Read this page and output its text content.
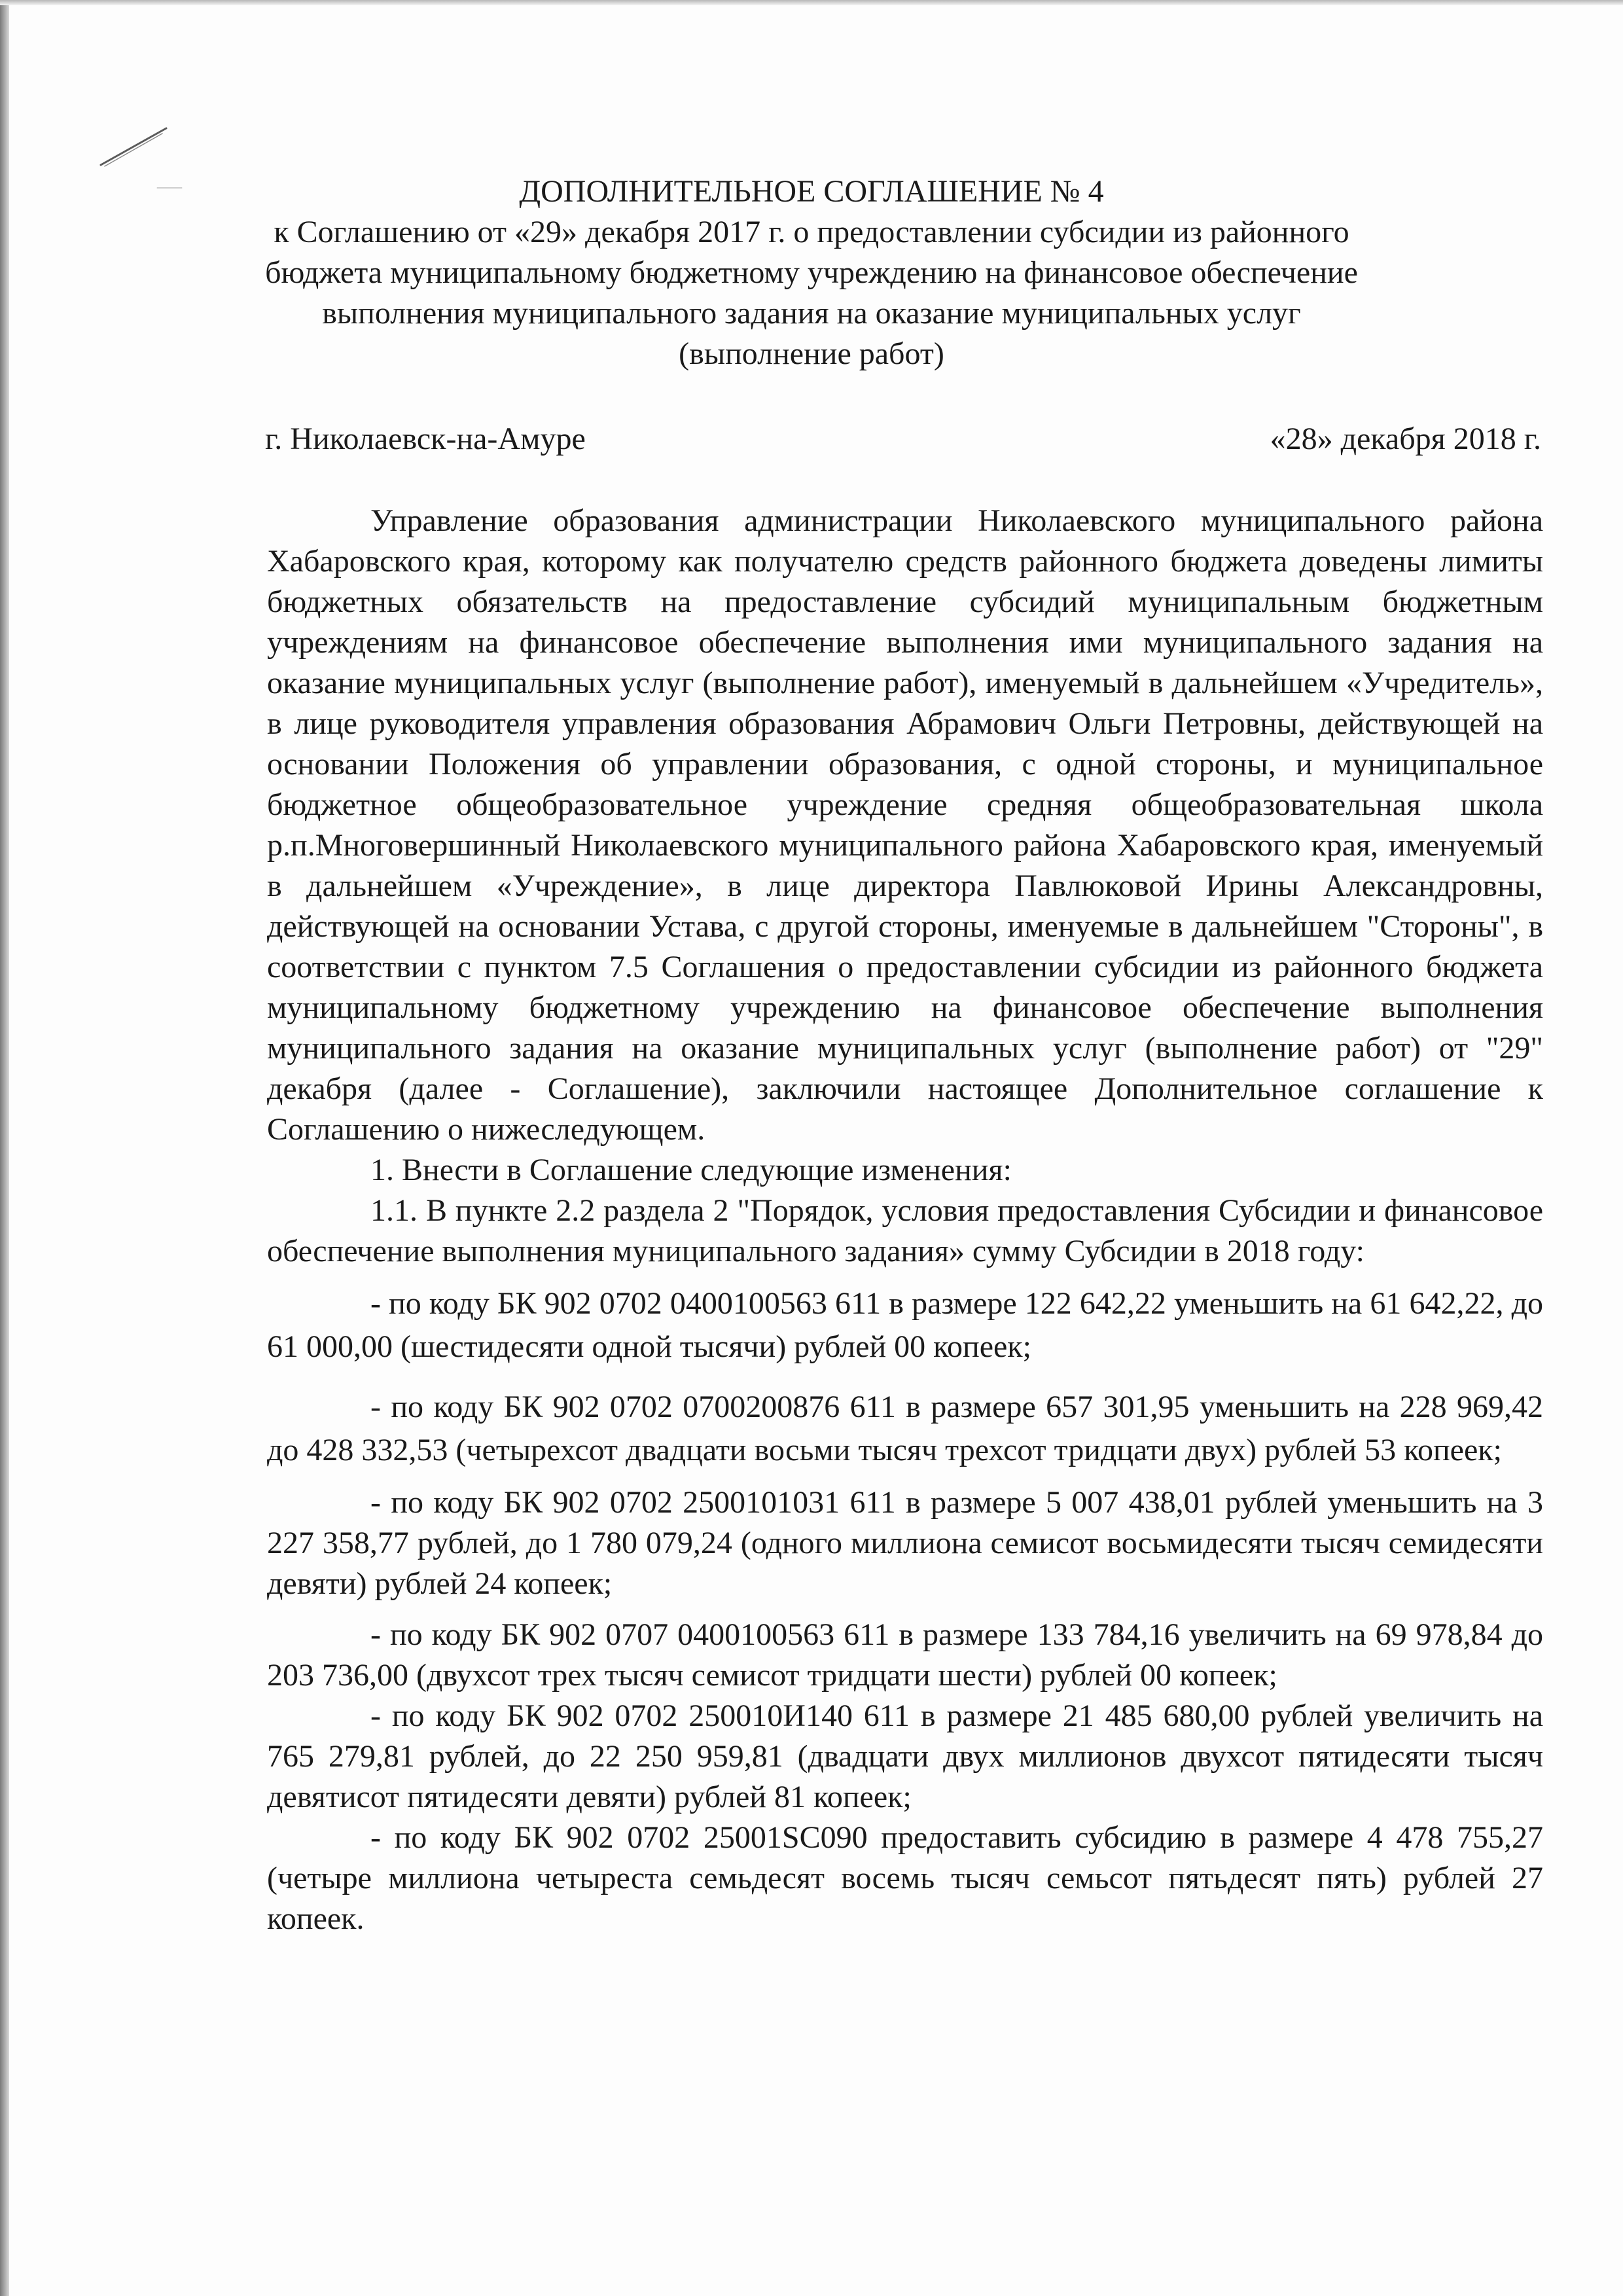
—	ДОПОЛНИТЕЛЬНОЕ СОГЛАШЕНИЕ № 4
к Соглашению от «29» декабря 2017 г. о предоставлении субсидии из районного
бюджета муниципальному бюджетному учреждению на финансовое обеспечение
выполнения муниципального задания на оказание муниципальных услуг
(выполнение работ)
г. Николаевск-на-Амуре	«28» декабря 2018 г.

Управление образования администрации Николаевского муниципального района Хабаровского края, которому как получателю средств районного бюджета доведены лимиты бюджетных обязательств на предоставление субсидий муниципальным бюджетным учреждениям на финансовое обеспечение выполнения ими муниципального задания на оказание муниципальных услуг (выполнение работ), именуемый в дальнейшем «Учредитель», в лице руководителя управления образования Абрамович Ольги Петровны, действующей на основании Положения об управлении образования, с одной стороны, и муниципальное бюджетное общеобразовательное учреждение средняя общеобразовательная школа р.п.Многовершинный Николаевского муниципального района Хабаровского края, именуемый в дальнейшем «Учреждение», в лице директора Павлюковой Ирины Александровны, действующей на основании Устава, с другой стороны, именуемые в дальнейшем "Стороны", в соответствии с пунктом 7.5 Соглашения о предоставлении субсидии из районного бюджета муниципальному бюджетному учреждению на финансовое обеспечение выполнения муниципального задания на оказание муниципальных услуг (выполнение работ) от "29" декабря (далее - Соглашение), заключили настоящее Дополнительное соглашение к Соглашению о нижеследующем.

1. Внести в Соглашение следующие изменения:

1.1. В пункте 2.2 раздела 2 "Порядок, условия предоставления Субсидии и финансовое обеспечение выполнения муниципального задания» сумму Субсидии в 2018 году:

- по коду БК 902 0702 0400100563 611 в размере 122 642,22 уменьшить на 61 642,22, до 61 000,00 (шестидесяти одной тысячи) рублей 00 копеек;

- по коду БК 902 0702 0700200876 611 в размере 657 301,95 уменьшить на 228 969,42 до 428 332,53 (четырехсот двадцати восьми тысяч трехсот тридцати двух) рублей 53 копеек;

- по коду БК 902 0702 2500101031 611 в размере 5 007 438,01 рублей уменьшить на 3 227 358,77 рублей, до 1 780 079,24 (одного миллиона семисот восьмидесяти тысяч семидесяти девяти) рублей 24 копеек;

- по коду БК 902 0707 0400100563 611 в размере 133 784,16 увеличить на 69 978,84 до 203 736,00 (двухсот трех тысяч семисот тридцати шести) рублей 00 копеек;

- по коду БК 902 0702 250010И140 611 в размере 21 485 680,00 рублей увеличить на 765 279,81 рублей, до 22 250 959,81 (двадцати двух миллионов двухсот пятидесяти тысяч девятисот пятидесяти девяти) рублей 81 копеек;

- по коду БК 902 0702 25001SC090 предоставить субсидию в размере 4 478 755,27 (четыре миллиона четыреста семьдесят восемь тысяч семьсот пятьдесят пять) рублей 27 копеек.
